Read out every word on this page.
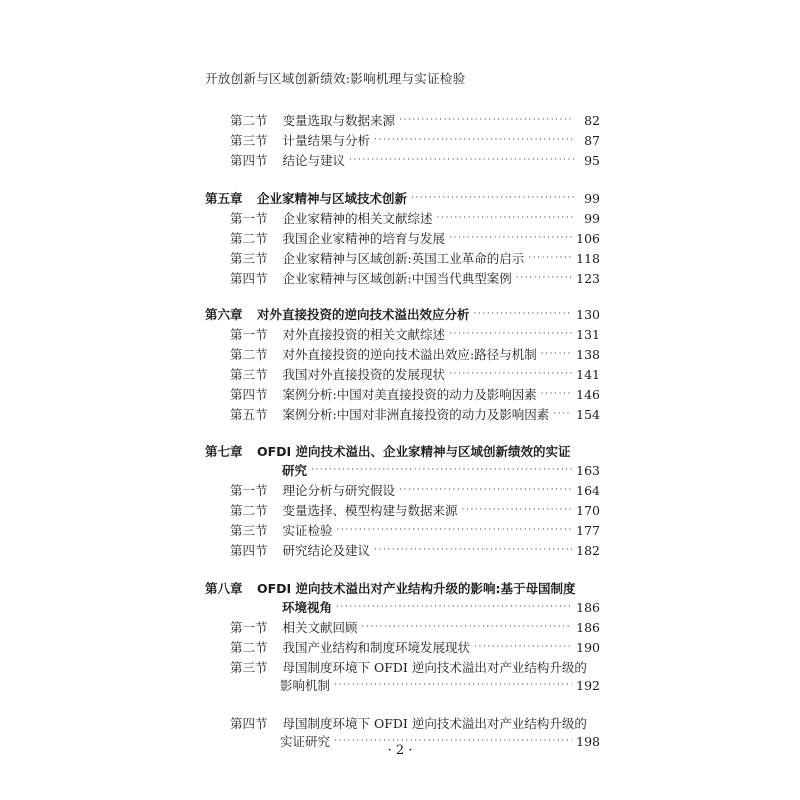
开放创新与区域创新绩效:影响机理与实证检验
第二节 变量选取与数据来源 ·····	82
第三节 计量结果与分析 ·····	87
第四节 结论与建议 ·····	95
第五章	企业家精神与区域技术创新 ·····	99
第一节 企业家精神的相关文献综述 ·····	99
第二节 我国企业家精神的培育与发展 ·····	106
第三节 企业家精神与区域创新:英国工业革命的启示 ·····	118
第四节 企业家精神与区域创新:中国当代典型案例 ·····	123
第六章	对外直接投资的逆向技术溢出效应分析 ·····	130
第一节 对外直接投资的相关文献综述 ·····	131
第二节 对外直接投资的逆向技术溢出效应:路径与机制 ·····	138
第三节 我国对外直接投资的发展现状 ·····	141
第四节 案例分析:中国对美直接投资的动力及影响因素 ·····	146
第五节 案例分析:中国对非洲直接投资的动力及影响因素 ····· 154
第七章	OFDI 逆向技术溢出、企业家精神与区域创新绩效的实证
研究 ·····	163
第一节 理论分析与研究假设 ·····	164
第二节 变量选择、模型构建与数据来源 ·····	170
第三节 实证检验 ·····	177
第四节 研究结论及建议 ·····	182
第八章	OFDI 逆向技术溢出对产业结构升级的影响:基于母国制度
环境视角 ·····	186
第一节 相关文献回顾 ·····	186
第二节 我国产业结构和制度环境发展现状 ·····	190
第三节 母国制度环境下 OFDI 逆向技术溢出对产业结构升级的
影响机制 ·····	192
第四节 母国制度环境下 OFDI 逆向技术溢出对产业结构升级的
实证研究 ·····	198
· 2 ·
